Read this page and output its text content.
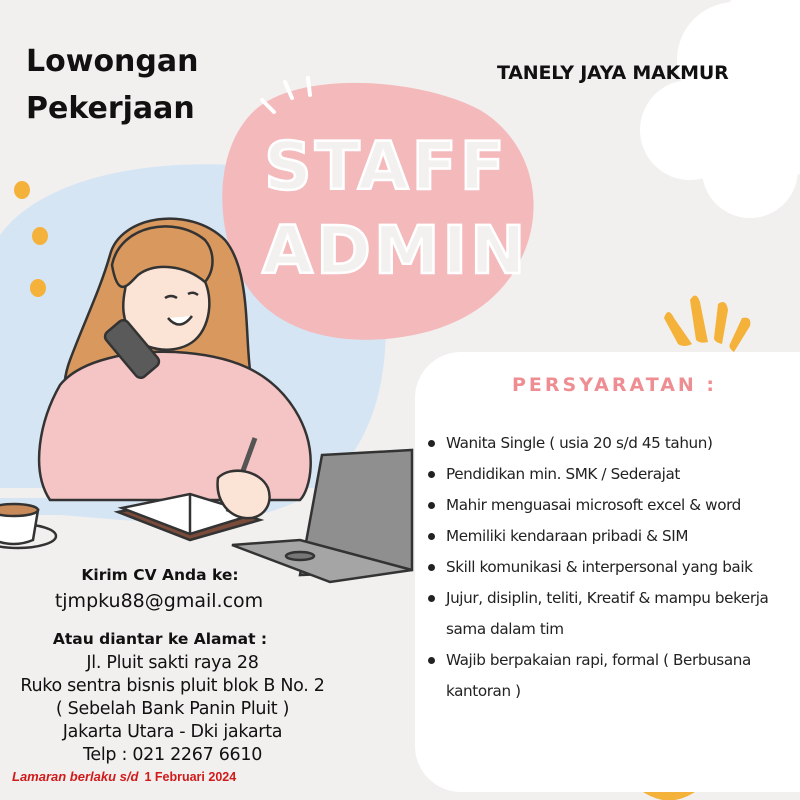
Lowongan
Pekerjaan
TANELY JAYA MAKMUR
STAFF
ADMIN
PERSYARATAN :
Wanita Single ( usia 20 s/d 45 tahun)
Pendidikan min. SMK / Sederajat
Mahir menguasai microsoft excel & word
Memiliki kendaraan pribadi & SIM
Skill komunikasi & interpersonal yang baik
Jujur, disiplin, teliti, Kreatif & mampu bekerja sama dalam tim
Wajib berpakaian rapi, formal ( Berbusana kantoran )
Kirim CV Anda ke:
tjmpku88@gmail.com
Atau diantar ke Alamat :
Jl. Pluit sakti raya 28
Ruko sentra bisnis pluit blok B No. 2
( Sebelah Bank Panin Pluit )
Jakarta Utara - Dki jakarta
Telp : 021 2267 6610
Lamaran berlaku s/d 1 Februari 2024
